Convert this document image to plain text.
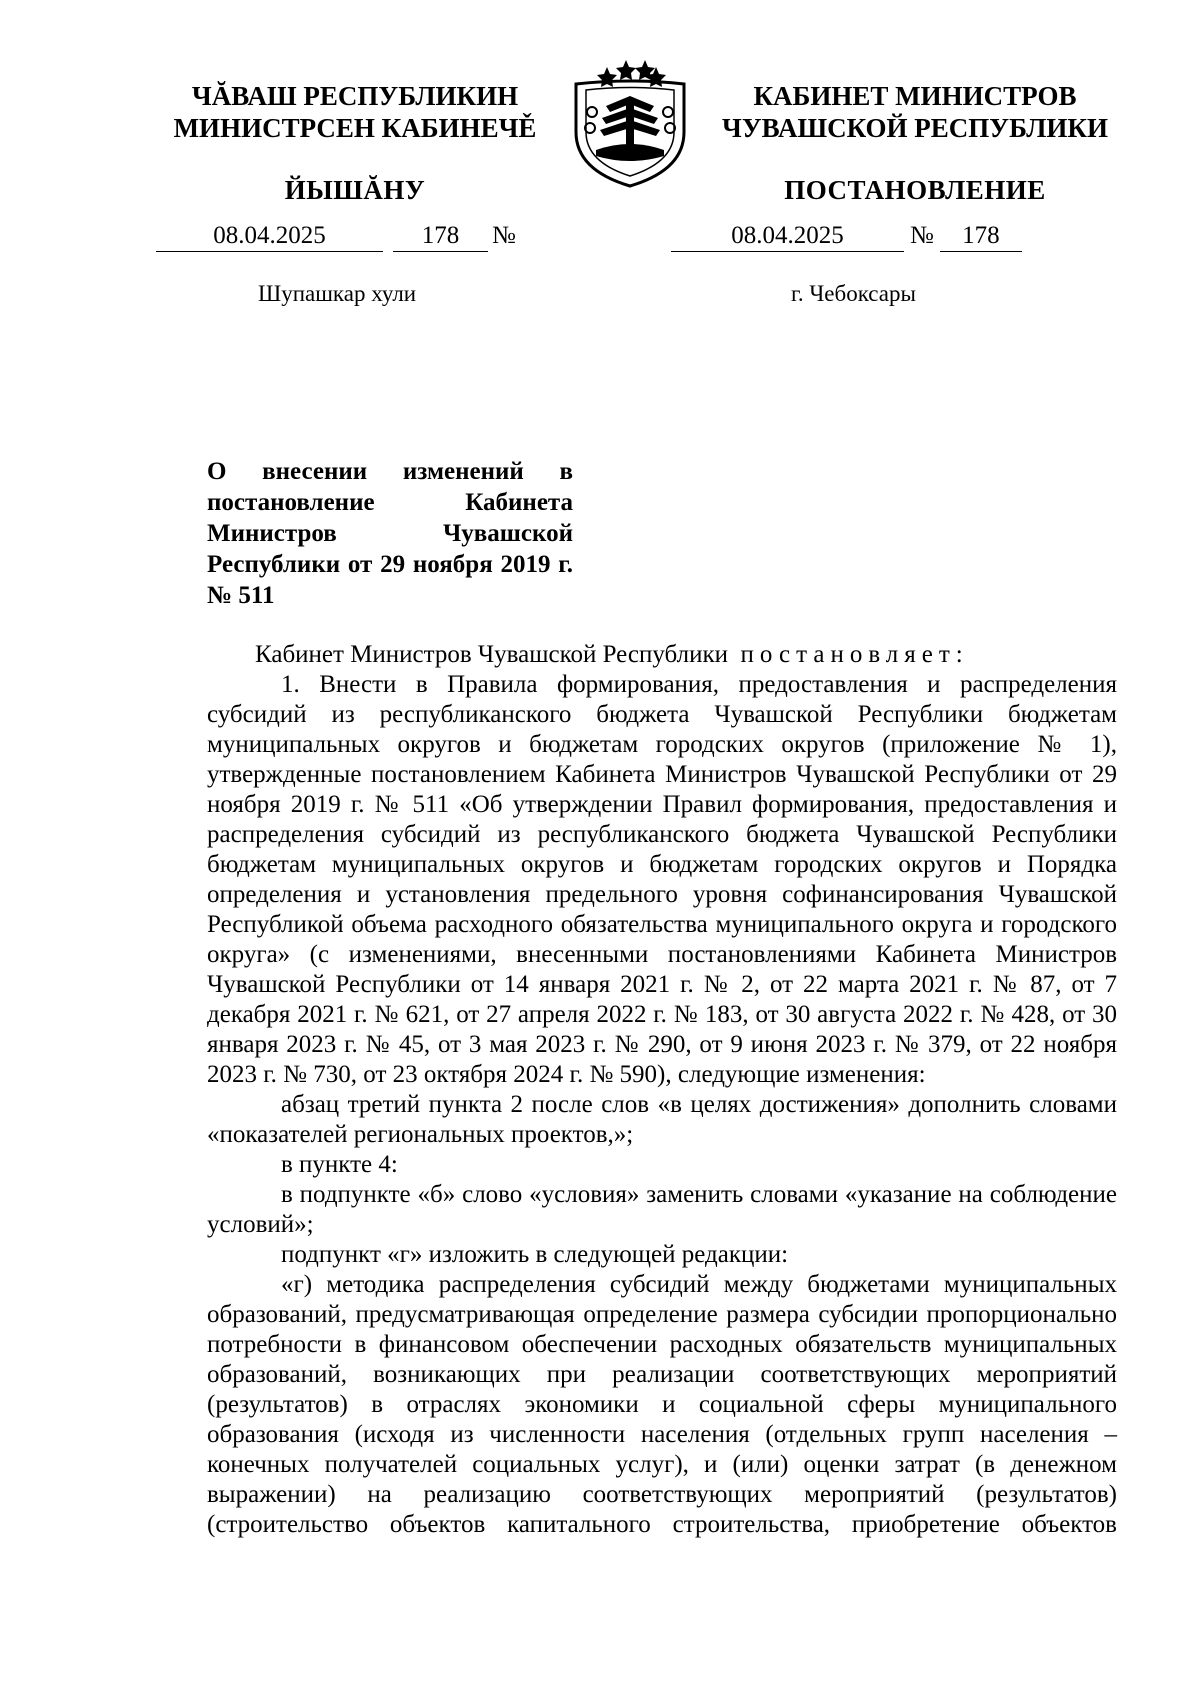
ЧĂВАШ РЕСПУБЛИКИН
МИНИСТРСЕН КАБИНЕЧĚ
ЙЫШĂНУ
КАБИНЕТ МИНИСТРОВ
ЧУВАШСКОЙ РЕСПУБЛИКИ
ПОСТАНОВЛЕНИЕ
08.04.2025	178 №	08.04.2025	№ 178
Шупашкар хули	г. Чебоксары
О внесении изменений в постановление Кабинета Министров Чувашской Республики от 29 ноября 2019 г. № 511

Кабинет Министров Чувашской Республики постановляет:

1. Внести в Правила формирования, предоставления и распределения субсидий из республиканского бюджета Чувашской Республики бюджетам муниципальных округов и бюджетам городских округов (приложение № 1), утвержденные постановлением Кабинета Министров Чувашской Республики от 29 ноября 2019 г. № 511 «Об утверждении Правил формирования, предоставления и распределения субсидий из республиканского бюджета Чувашской Республики бюджетам муниципальных округов и бюджетам городских округов и Порядка определения и установления предельного уровня софинансирования Чувашской Республикой объема расходного обязательства муниципального округа и городского округа» (с изменениями, внесенными постановлениями Кабинета Министров Чувашской Республики от 14 января 2021 г. № 2, от 22 марта 2021 г. № 87, от 7 декабря 2021 г. № 621, от 27 апреля 2022 г. № 183, от 30 августа 2022 г. № 428, от 30 января 2023 г. № 45, от 3 мая 2023 г. № 290, от 9 июня 2023 г. № 379, от 22 ноября 2023 г. № 730, от 23 октября 2024 г. № 590), следующие изменения:

абзац третий пункта 2 после слов «в целях достижения» дополнить словами «показателей региональных проектов,»;

в пункте 4:

в подпункте «б» слово «условия» заменить словами «указание на соблюдение условий»;

подпункт «г» изложить в следующей редакции:

«г) методика распределения субсидий между бюджетами муниципальных образований, предусматривающая определение размера субсидии пропорционально потребности в финансовом обеспечении расходных обязательств муниципальных образований, возникающих при реализации соответствующих мероприятий (результатов) в отраслях экономики и социальной сферы муниципального образования (исходя из численности населения (отдельных групп населения – конечных получателей социальных услуг), и (или) оценки затрат (в денежном выражении) на реализацию соответствующих мероприятий (результатов) (строительство объектов капитального строительства, приобретение объектов
